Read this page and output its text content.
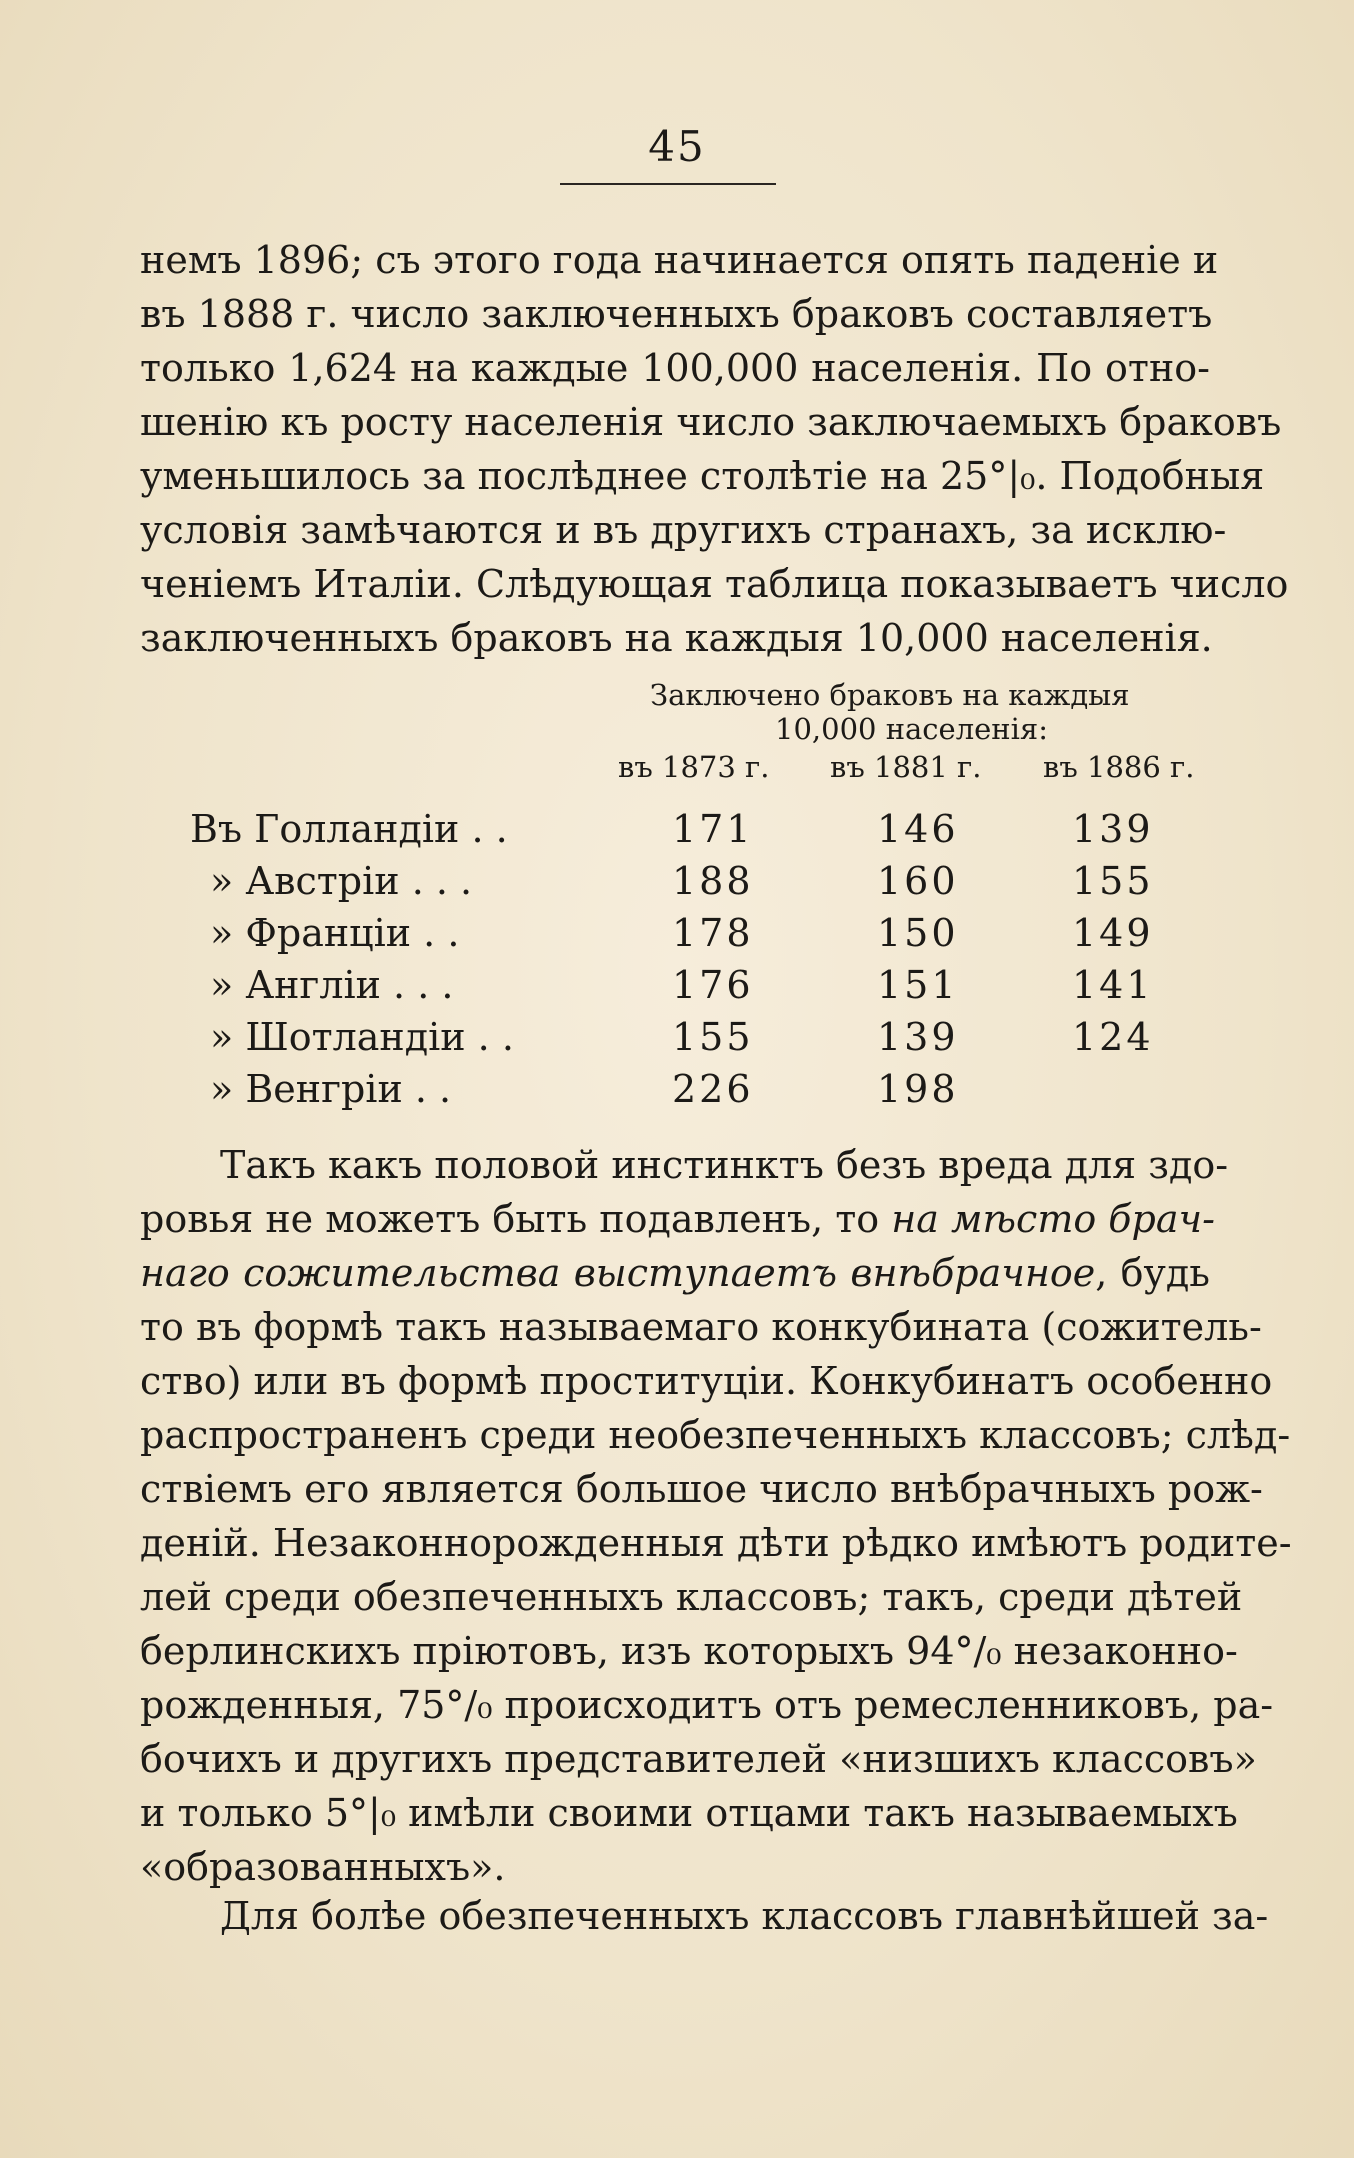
45
немъ 1896; съ этого года начинается опять паденіе и
въ 1888 г. число заключенныхъ браковъ составляетъ
только 1,624 на каждые 100,000 населенія. По отно-
шенію къ росту населенія число заключаемыхъ браковъ
уменьшилось за послѣднее столѣтіе на 25°|₀. Подобныя
условія замѣчаются и въ другихъ странахъ, за исклю-
ченіемъ Италіи. Слѣдующая таблица показываетъ число
заключенныхъ браковъ на каждыя 10,000 населенія.
Заключено браковъ на каждыя
10,000 населенія:
въ 1873 г. въ 1881 г. въ 1886 г.
Въ Голландіи . .	171	146	139
» Австріи . . .	188	160	155
» Франціи . .	178	150	149
» Англіи . . .	176	151	141
» Шотландіи . .	155	139	124
» Венгріи . .	226	198
Такъ какъ половой инстинктъ безъ вреда для здо-
ровья не можетъ быть подавленъ, то на мѣсто брач-
наго сожительства выступаетъ внѣбрачное, будь
то въ формѣ такъ называемаго конкубината (сожитель-
ство) или въ формѣ проституціи. Конкубинатъ особенно
распространенъ среди необезпеченныхъ классовъ; слѣд-
ствіемъ его является большое число внѣбрачныхъ рож-
деній. Незаконнорожденныя дѣти рѣдко имѣютъ родите-
лей среди обезпеченныхъ классовъ; такъ, среди дѣтей
берлинскихъ пріютовъ, изъ которыхъ 94°/₀ незаконно-
рожденныя, 75°/₀ происходитъ отъ ремесленниковъ, ра-
бочихъ и другихъ представителей «низшихъ классовъ»
и только 5°|₀ имѣли своими отцами такъ называемыхъ
«образованныхъ».
Для болѣе обезпеченныхъ классовъ главнѣйшей за-
